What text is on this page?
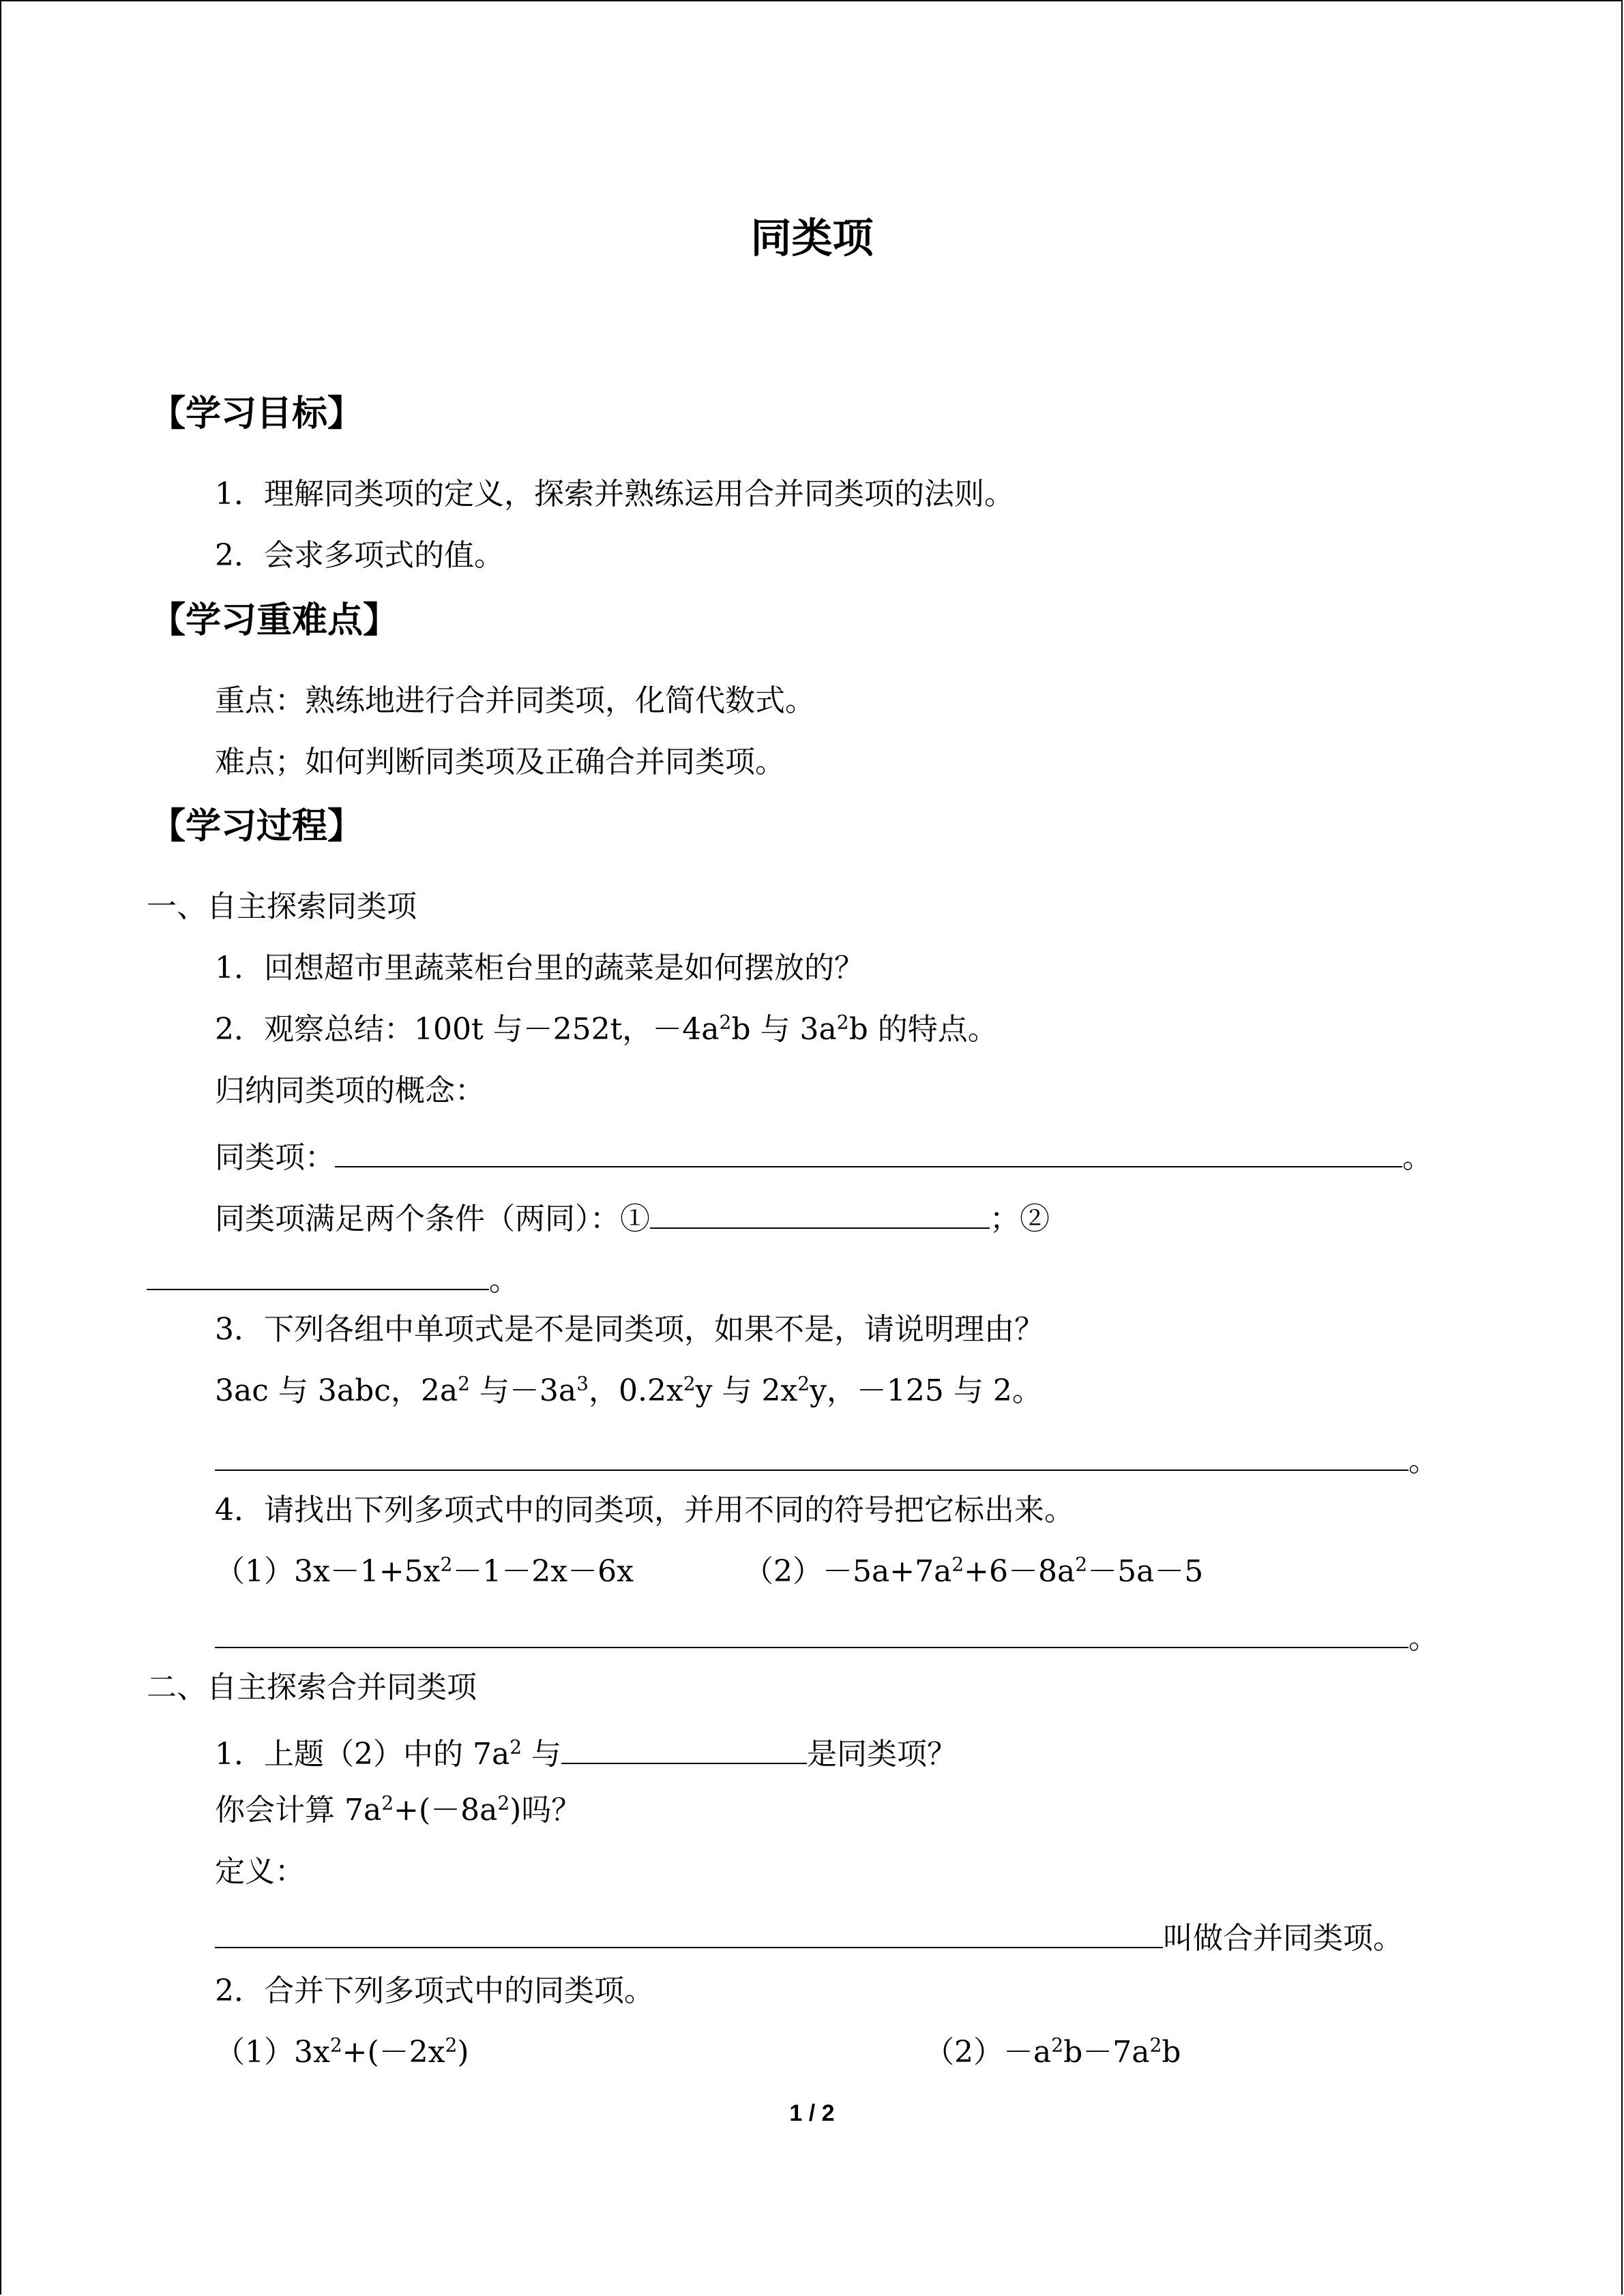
同类项
【学习目标】
1．理解同类项的定义，探索并熟练运用合并同类项的法则。
2．会求多项式的值。
【学习重难点】
重点：熟练地进行合并同类项，化简代数式。
难点；如何判断同类项及正确合并同类项。
【学习过程】
一、自主探索同类项
1．回想超市里蔬菜柜台里的蔬菜是如何摆放的？
2．观察总结：100t 与－252t，$-4a^2b$ 与 $3a^2b$ 的特点。
归纳同类项的概念：
同类项：	。
同类项满足两个条件（两同）：①	；②
。
3．下列各组中单项式是不是同类项，如果不是，请说明理由？
3ac 与 3abc，$2a^2$ 与$-3a^3$，$0.2x^2y$ 与 $2x^2y$，－125 与 2。
。
4．请找出下列多项式中的同类项，并用不同的符号把它标出来。
$(1)3x-1+5x^2-1-2x-6x$	$(2)-5a+7a^2+6-8a^2-5a-5$
。
二、自主探索合并同类项
1．上题（2）中的 $7a^2$ 与	是同类项？
你会计算 $7a^2+(-8a^2)$吗？
定义：
叫做合并同类项。
2．合并下列多项式中的同类项。
$(1)3x^2+(-2x^2)$	$(2)-a^2b-7a^2b$
1 / 2
